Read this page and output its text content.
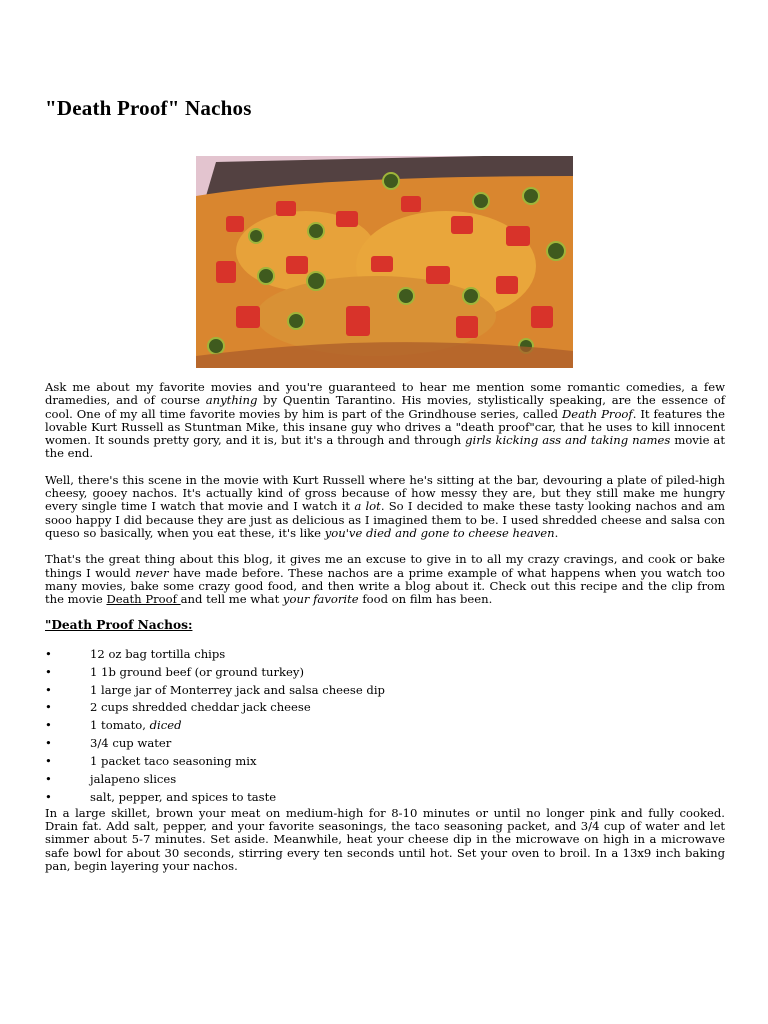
"Death Proof" Nachos

Ask me about my favorite movies and you're guaranteed to hear me mention some romantic comedies, a few dramedies, and of course anything by Quentin Tarantino. His movies, stylistically speaking, are the essence of cool. One of my all time favorite movies by him is part of the Grindhouse series, called Death Proof. It features the lovable Kurt Russell as Stuntman Mike, this insane guy who drives a "death proof"car, that he uses to kill innocent women. It sounds pretty gory, and it is, but it's a through and through girls kicking ass and taking names movie at the end.

Well, there's this scene in the movie with Kurt Russell where he's sitting at the bar, devouring a plate of piled-high cheesy, gooey nachos. It's actually kind of gross because of how messy they are, but they still make me hungry every single time I watch that movie and I watch it a lot. So I decided to make these tasty looking nachos and am sooo happy I did because they are just as delicious as I imagined them to be. I used shredded cheese and salsa con queso so basically, when you eat these, it's like you've died and gone to cheese heaven.

That's the great thing about this blog, it gives me an excuse to give in to all my crazy cravings, and cook or bake things I would never have made before. These nachos are a prime example of what happens when you watch too many movies, bake some crazy good food, and then write a blog about it. Check out this recipe and the clip from the movie Death Proof and tell me what your favorite food on film has been.

"Death Proof Nachos:

•	12 oz bag tortilla chips
•	1 1b ground beef (or ground turkey)
•	1 large jar of Monterrey jack and salsa cheese dip
•	2 cups shredded cheddar jack cheese
•	1 tomato, diced
•	3/4 cup water
•	1 packet taco seasoning mix
•	jalapeno slices
•	salt, pepper, and spices to taste

In a large skillet, brown your meat on medium-high for 8-10 minutes or until no longer pink and fully cooked. Drain fat. Add salt, pepper, and your favorite seasonings, the taco seasoning packet, and 3/4 cup of water and let simmer about 5-7 minutes. Set aside. Meanwhile, heat your cheese dip in the microwave on high in a microwave safe bowl for about 30 seconds, stirring every ten seconds until hot. Set your oven to broil. In a 13x9 inch baking pan, begin layering your nachos.
